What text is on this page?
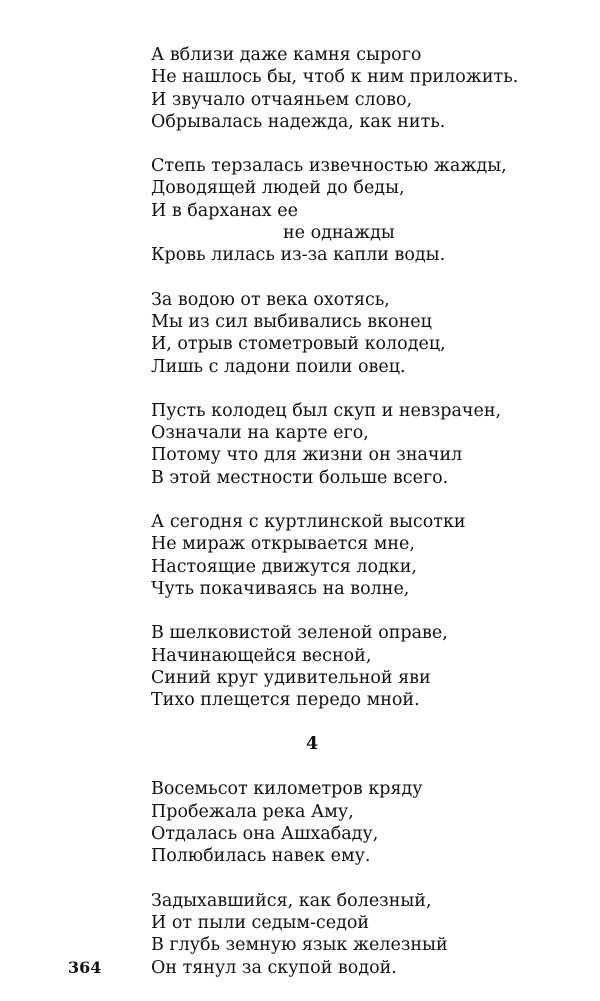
А вблизи даже камня сырого
Не нашлось бы, чтоб к ним приложить.
И звучало отчаяньем слово,
Обрывалась надежда, как нить.
Степь терзалась извечностью жажды,
Доводящей людей до беды,
И в барханах ее
не однажды
Кровь лилась из-за капли воды.
За водою от века охотясь,
Мы из сил выбивались вконец
И, отрыв стометровый колодец,
Лишь с ладони поили овец.
Пусть колодец был скуп и невзрачен,
Означали на карте его,
Потому что для жизни он значил
В этой местности больше всего.
А сегодня с куртлинской высотки
Не мираж открывается мне,
Настоящие движутся лодки,
Чуть покачиваясь на волне,
В шелковистой зеленой оправе,
Начинающейся весной,
Синий круг удивительной яви
Тихо плещется передо мной.
4
Восемьсот километров кряду
Пробежала река Аму,
Отдалась она Ашхабаду,
Полюбилась навек ему.
Задыхавшийся, как болезный,
И от пыли седым-седой
В глубь земную язык железный
Он тянул за скупой водой.
364
